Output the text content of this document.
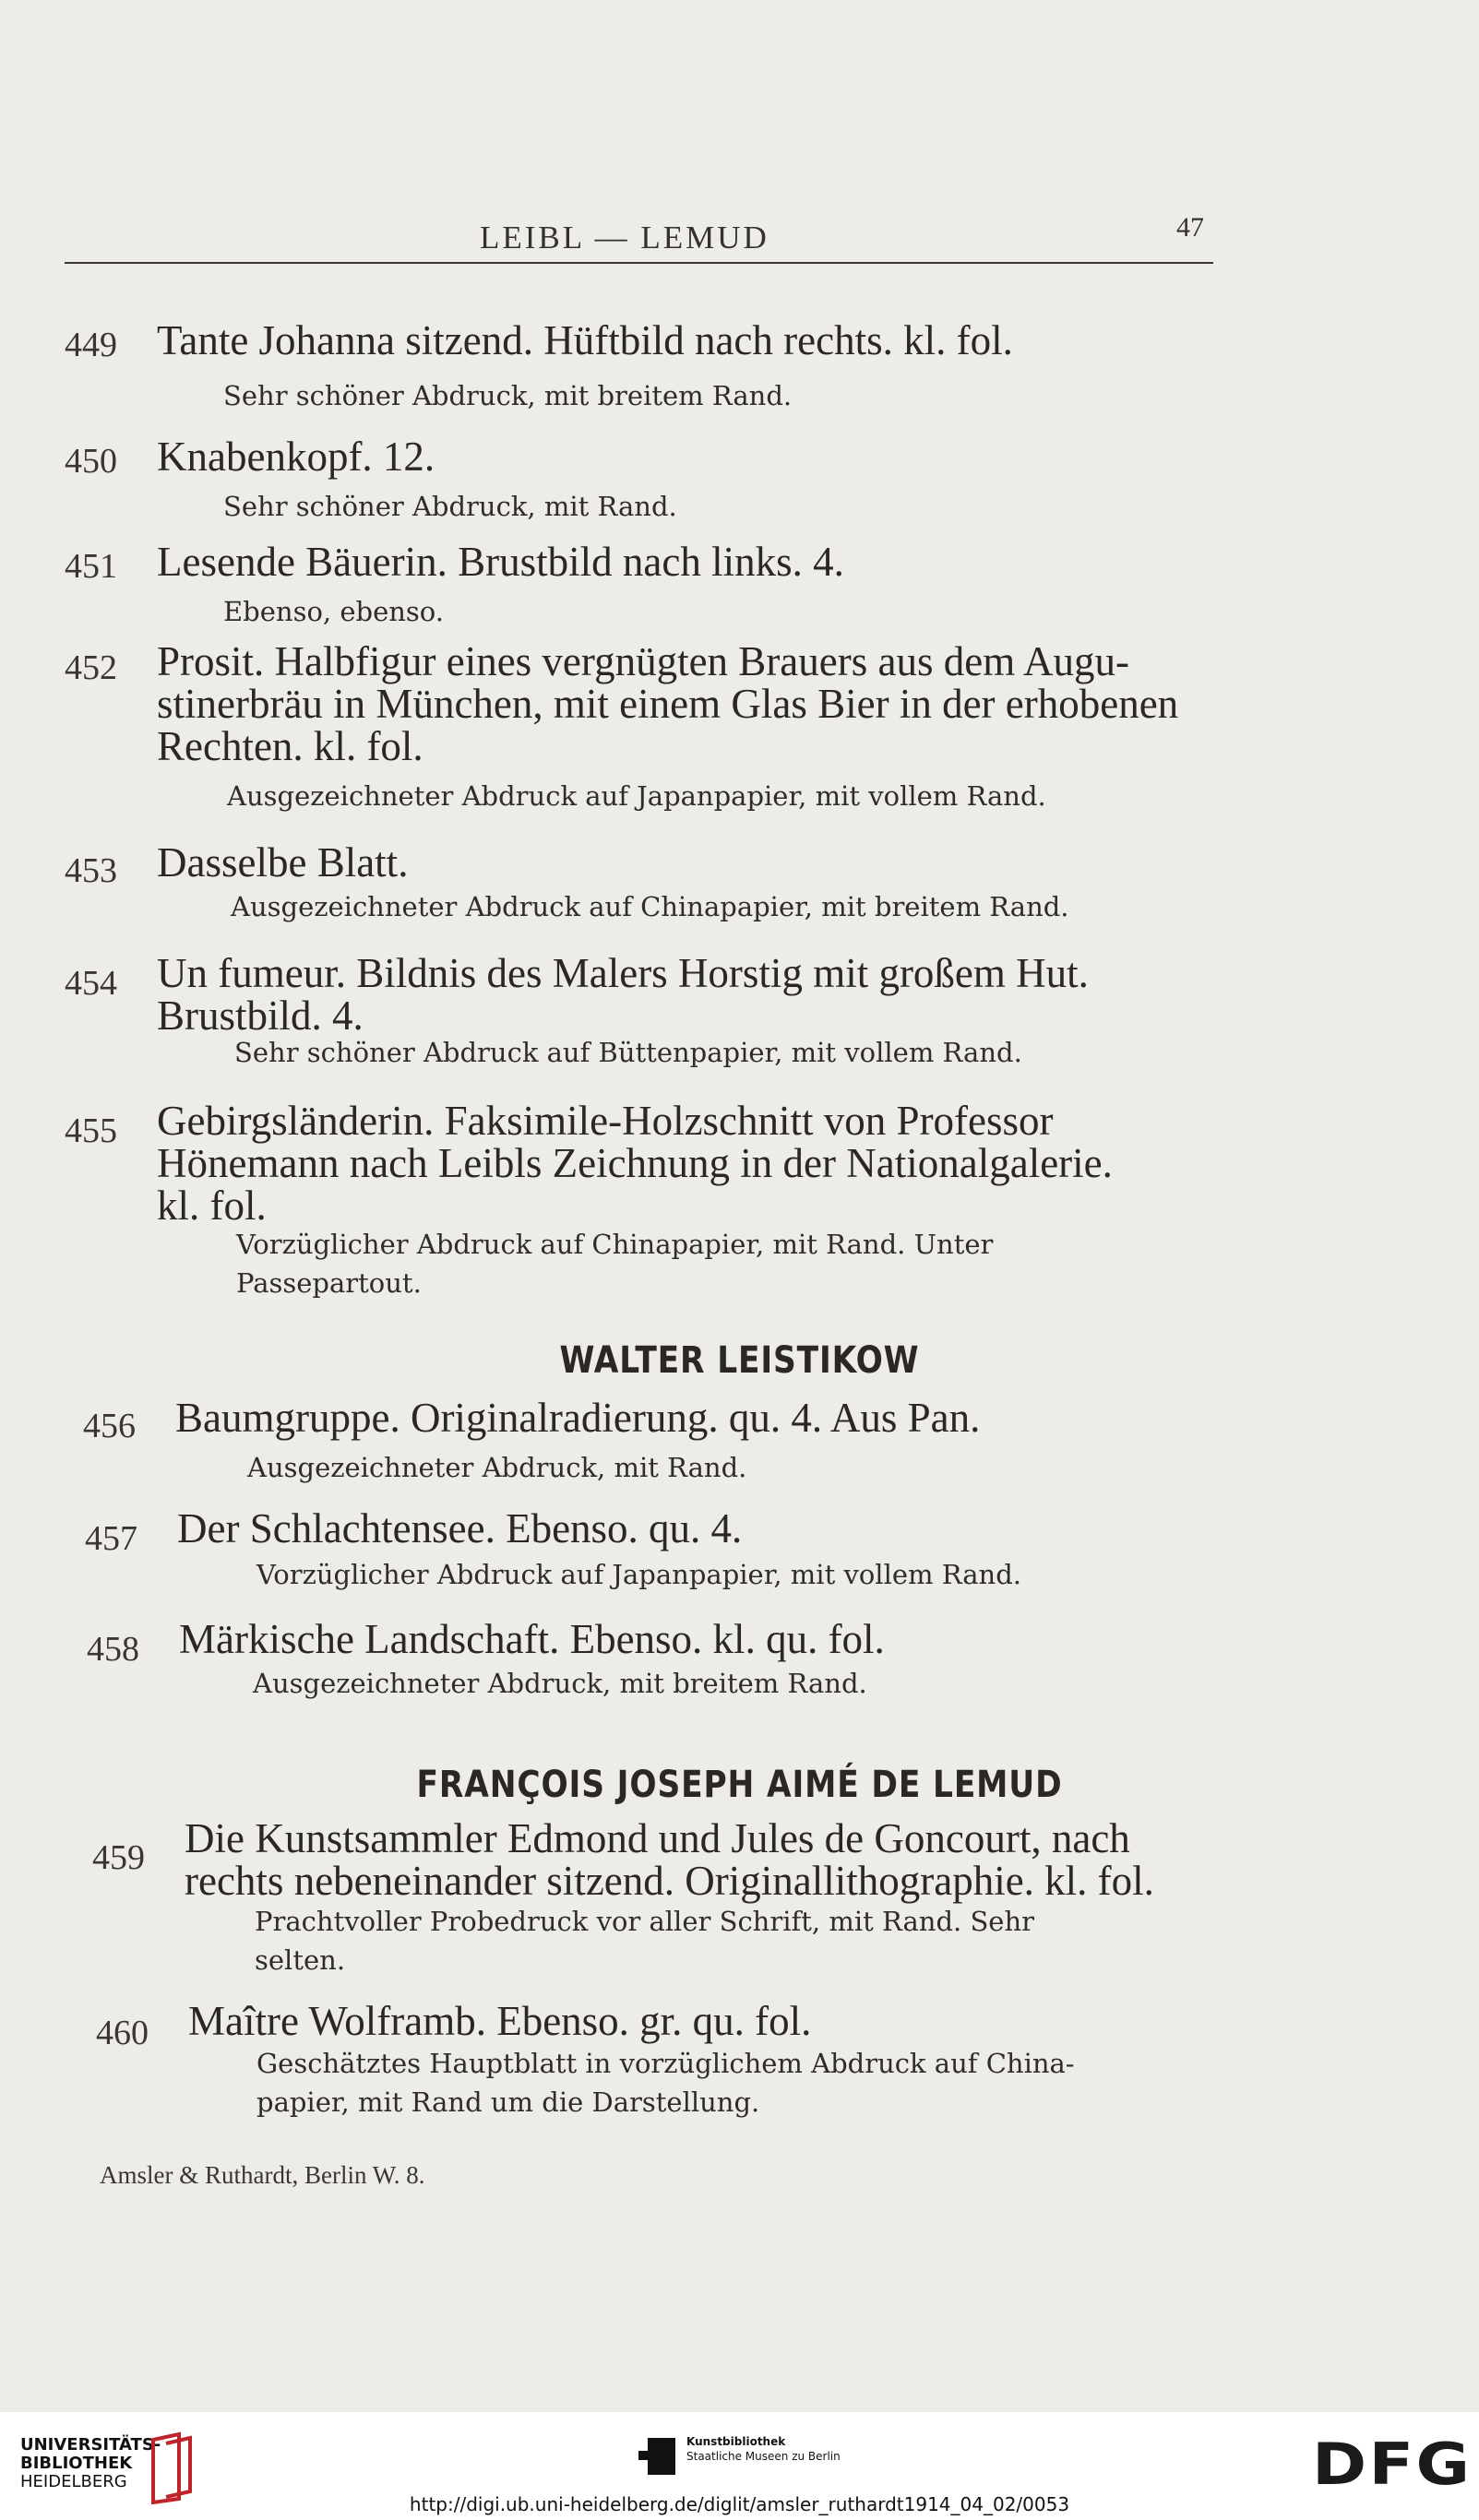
LEIBL — LEMUD	47
449 Tante Johanna sitzend. Hüftbild nach rechts. kl. fol.
Sehr schöner Abdruck, mit breitem Rand.
450 Knabenkopf. 12.
Sehr schöner Abdruck, mit Rand.
451 Lesende Bäuerin. Brustbild nach links. 4.
Ebenso, ebenso.
452 Prosit. Halbfigur eines vergnügten Brauers aus dem Augu-
stinerbräu in München, mit einem Glas Bier in der erhobenen
Rechten. kl. fol.
Ausgezeichneter Abdruck auf Japanpapier, mit vollem Rand.
453 Dasselbe Blatt.
Ausgezeichneter Abdruck auf Chinapapier, mit breitem Rand.
454 Un fumeur. Bildnis des Malers Horstig mit großem Hut.
Brustbild. 4.
Sehr schöner Abdruck auf Büttenpapier, mit vollem Rand.
455 Gebirgsländerin. Faksimile-Holzschnitt von Professor
Hönemann nach Leibls Zeichnung in der Nationalgalerie.
kl. fol.
Vorzüglicher Abdruck auf Chinapapier, mit Rand. Unter
Passepartout.
WALTER LEISTIKOW
456 Baumgruppe. Originalradierung. qu. 4. Aus Pan.
Ausgezeichneter Abdruck, mit Rand.
457 Der Schlachtensee. Ebenso. qu. 4.
Vorzüglicher Abdruck auf Japanpapier, mit vollem Rand.
458 Märkische Landschaft. Ebenso. kl. qu. fol.
Ausgezeichneter Abdruck, mit breitem Rand.
FRANÇOIS JOSEPH AIMÉ DE LEMUD
459 Die Kunstsammler Edmond und Jules de Goncourt, nach
rechts nebeneinander sitzend. Originallithographie. kl. fol.
Prachtvoller Probedruck vor aller Schrift, mit Rand. Sehr
selten.
460 Maître Wolframb. Ebenso. gr. qu. fol.
Geschätztes Hauptblatt in vorzüglichem Abdruck auf China-
papier, mit Rand um die Darstellung.
Amsler & Ruthardt, Berlin W. 8.
UNIVERSITÄTS-
BIBLIOTHEK
HEIDELBERG
Kunstbibliothek
Staatliche Museen zu Berlin	DFG
http://digi.ub.uni-heidelberg.de/diglit/amsler_ruthardt1914_04_02/0053
